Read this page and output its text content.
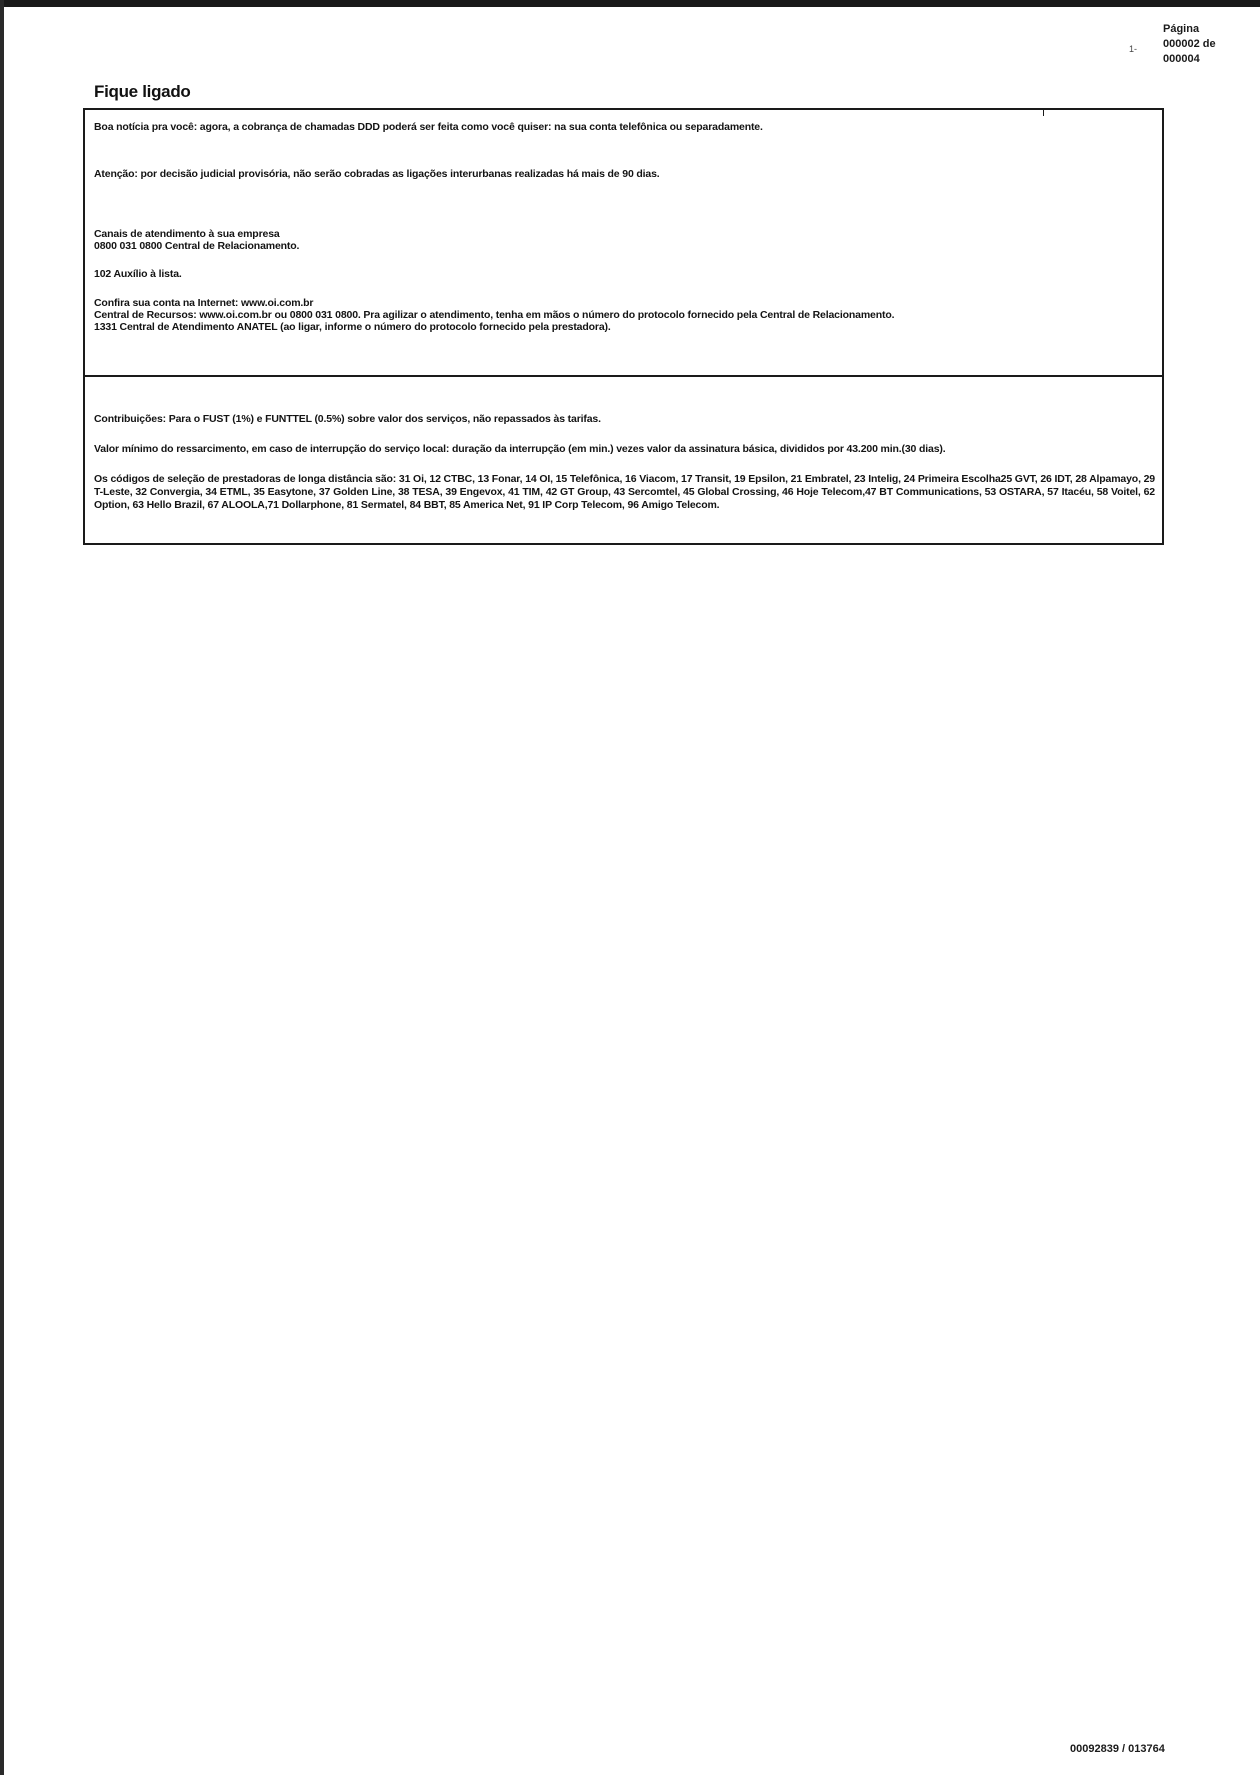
1-
Página
000002 de
000004
Fique ligado
Boa notícia pra você: agora, a cobrança de chamadas DDD poderá ser feita como você quiser: na sua conta telefônica ou separadamente.
Atenção: por decisão judicial provisória, não serão cobradas as ligações interurbanas realizadas há mais de 90 dias.
Canais de atendimento à sua empresa
0800 031 0800 Central de Relacionamento.
102 Auxílio à lista.
Confira sua conta na Internet: www.oi.com.br
Central de Recursos: www.oi.com.br ou 0800 031 0800. Pra agilizar o atendimento, tenha em mãos o número do protocolo fornecido pela Central de Relacionamento.
1331 Central de Atendimento ANATEL (ao ligar, informe o número do protocolo fornecido pela prestadora).
Contribuições: Para o FUST (1%) e FUNTTEL (0.5%) sobre valor dos serviços, não repassados às tarifas.
Valor mínimo do ressarcimento, em caso de interrupção do serviço local: duração da interrupção (em min.) vezes valor da assinatura básica, divididos por 43.200 min.(30 dias).
Os códigos de seleção de prestadoras de longa distância são: 31 Oi, 12 CTBC, 13 Fonar, 14 OI, 15 Telefônica, 16 Viacom, 17 Transit, 19 Epsilon, 21 Embratel, 23 Intelig, 24 Primeira Escolha25 GVT, 26 IDT, 28 Alpamayo, 29 T-Leste, 32 Convergia, 34 ETML, 35 Easytone, 37 Golden Line, 38 TESA, 39 Engevox, 41 TIM, 42 GT Group, 43 Sercomtel, 45 Global Crossing, 46 Hoje Telecom,47 BT Communications, 53 OSTARA, 57 Itacéu, 58 Voitel, 62 Option, 63 Hello Brazil, 67 ALOOLA,71 Dollarphone, 81 Sermatel, 84 BBT, 85 America Net, 91 IP Corp Telecom, 96 Amigo Telecom.
00092839 / 013764
